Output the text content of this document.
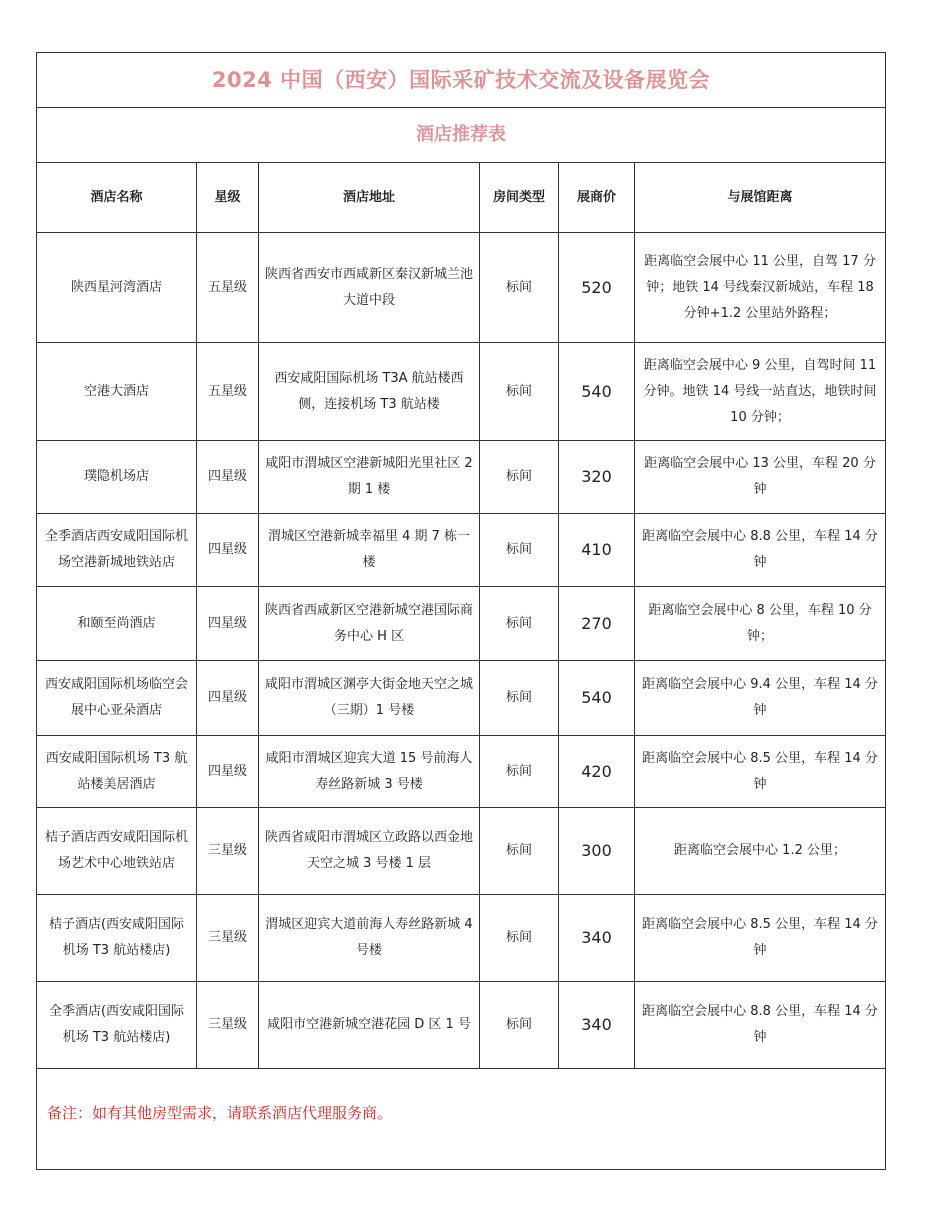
2024 中国（西安）国际采矿技术交流及设备展览会					
酒店推荐表					
酒店名称	星级	酒店地址	房间类型	展商价	与展馆距离
陕西星河湾酒店	五星级	陕西省西安市西咸新区秦汉新城兰池大道中段	标间	520	距离临空会展中心 11 公里，自驾 17 分钟；地铁 14 号线秦汉新城站，车程 18 分钟+1.2 公里站外路程；
空港大酒店	五星级	西安咸阳国际机场 T3A 航站楼西侧，连接机场 T3 航站楼	标间	540	距离临空会展中心 9 公里，自驾时间 11 分钟。地铁 14 号线一站直达，地铁时间 10 分钟；
璞隐机场店	四星级	咸阳市渭城区空港新城阳光里社区 2 期 1 楼	标间	320	距离临空会展中心 13 公里，车程 20 分钟
全季酒店西安咸阳国际机场空港新城地铁站店	四星级	渭城区空港新城幸福里 4 期 7 栋一楼	标间	410	距离临空会展中心 8.8 公里，车程 14 分钟
和颐至尚酒店	四星级	陕西省西咸新区空港新城空港国际商务中心 H 区	标间	270	距离临空会展中心 8 公里，车程 10 分钟；
西安咸阳国际机场临空会展中心亚朵酒店	四星级	咸阳市渭城区渊亭大街金地天空之城（三期）1 号楼	标间	540	距离临空会展中心 9.4 公里，车程 14 分钟
西安咸阳国际机场 T3 航站楼美居酒店	四星级	咸阳市渭城区迎宾大道 15 号前海人寿丝路新城 3 号楼	标间	420	距离临空会展中心 8.5 公里，车程 14 分钟
桔子酒店西安咸阳国际机场艺术中心地铁站店	三星级	陕西省咸阳市渭城区立政路以西金地天空之城 3 号楼 1 层	标间	300	距离临空会展中心 1.2 公里；
桔子酒店(西安咸阳国际机场 T3 航站楼店)	三星级	渭城区迎宾大道前海人寿丝路新城 4 号楼	标间	340	距离临空会展中心 8.5 公里，车程 14 分钟
全季酒店(西安咸阳国际机场 T3 航站楼店)	三星级	咸阳市空港新城空港花园 D 区 1 号	标间	340	距离临空会展中心 8.8 公里，车程 14 分钟
备注：如有其他房型需求，请联系酒店代理服务商。					
